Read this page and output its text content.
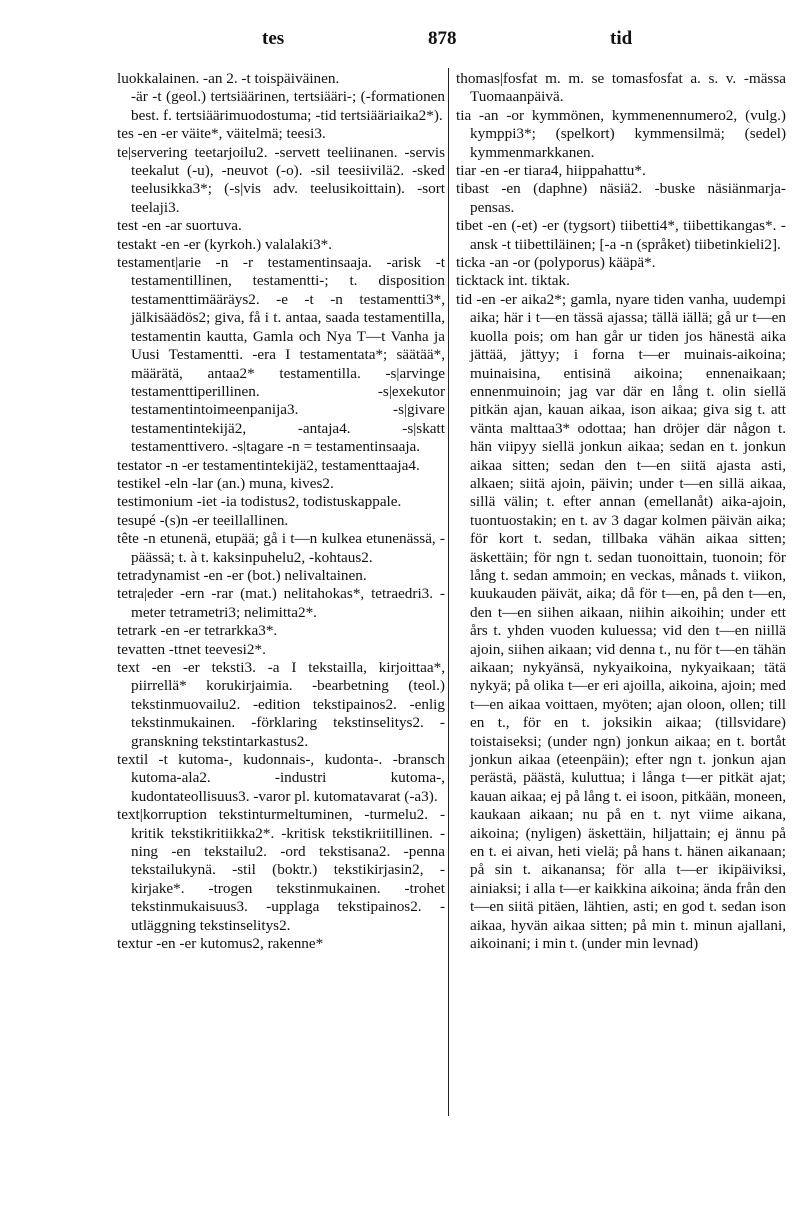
tes	878	tid

luokkalainen. -an 2. -t toispäiväinen.
-är -t (geol.) tertsiäärinen, tertsiääri-; (-formationen best. f. tertsiäärimuodostuma; -tid tertsiääriaika2*).

tes -en -er väite*, väitelmä; teesi3.

te|servering teetarjoilu2. -servett teeliinanen. -servis teekalut (-u), -neuvot (-o). -sil teesiivilä2. -sked teelusikka3*; (-s|vis adv. teelusikoittain). -sort teelaji3.

test -en -ar suortuva.

testakt -en -er (kyrkoh.) valalaki3*.

testament|arie -n -r testamentinsaaja. -arisk -t testamentillinen, testamentti-; t. disposition testamenttimääräys2. -e -t -n testamentti3*, jälkisäädös2; giva, få i t. antaa, saada testamentilla, testamentin kautta, Gamla och Nya T—t Vanha ja Uusi Testamentti. -era I testamentata*; säätää*, määrätä, antaa2* testamentilla. -s|arvinge testamenttiperillinen. -s|exekutor testamentintoimeenpanija3. -s|givare testamentintekijä2, -antaja4. -s|skatt testamenttivero. -s|tagare -n = testamentinsaaja.

testator -n -er testamentintekijä2, testamenttaaja4.

testikel -eln -lar (an.) muna, kives2.

testimonium -iet -ia todistus2, todistuskappale.

tesupé -(s)n -er teeillallinen.

tête -n etunenä, etupää; gå i t—n kulkea etunenässä, -päässä; t. à t. kaksinpuhelu2, -kohtaus2.

tetradynamist -en -er (bot.) nelivaltainen.

tetra|eder -ern -rar (mat.) nelitahokas*, tetraedri3. -meter tetrametri3; nelimitta2*.

tetrark -en -er tetrarkka3*.

tevatten -ttnet teevesi2*.

text -en -er teksti3. -a I tekstailla, kirjoittaa*, piirrellä* korukirjaimia. -bearbetning (teol.) tekstinmuovailu2. -edition tekstipainos2. -enlig tekstinmukainen. -förklaring tekstinselitys2. -granskning tekstintarkastus2.

textil -t kutoma-, kudonnais-, kudonta-. -bransch kutoma-ala2. -industri kutoma-, kudontateollisuus3. -varor pl. kutomatavarat (-a3).

text|korruption tekstinturmeltuminen, -turmelu2. -kritik tekstikritiikka2*. -kritisk tekstikriitillinen. -ning -en tekstailu2. -ord tekstisana2. -penna tekstailukynä. -stil (boktr.) tekstikirjasin2, -kirjake*. -trogen tekstinmukainen. -trohet tekstinmukaisuus3. -upplaga tekstipainos2. -utläggning tekstinselitys2.

textur -en -er kutomus2, rakenne*

thomas|fosfat m. m. se tomasfosfat a. s. v. -mässa Tuomaanpäivä.

tia -an -or kymmönen, kymmenennumero2, (vulg.) kymppi3*; (spelkort) kymmensilmä; (sedel) kymmenmarkkanen.

tiar -en -er tiara4, hiippahattu*.

tibast -en (daphne) näsiä2. -buske näsiänmarja-pensas.

tibet -en (-et) -er (tygsort) tiibetti4*, tiibettikangas*. -ansk -t tiibettiläinen; [-a -n (språket) tiibetinkieli2].

ticka -an -or (polyporus) kääpä*.

ticktack int. tiktak.

tid -en -er aika2*; gamla, nyare tiden vanha, uudempi aika; här i t—en tässä ajassa; tällä iällä; gå ur t—en kuolla pois; om han går ur tiden jos hänestä aika jättää, jättyy; i forna t—er muinais-aikoina; muinaisina, entisinä aikoina; ennenaikaan; ennenmuinoin; jag var där en lång t. olin siellä pitkän ajan, kauan aikaa, ison aikaa; giva sig t. att vänta malttaa3* odottaa; han dröjer där någon t. hän viipyy siellä jonkun aikaa; sedan en t. jonkun aikaa sitten; sedan den t—en siitä ajasta asti, alkaen; siitä ajoin, päivin; under t—en sillä aikaa, sillä välin; t. efter annan (emellanåt) aika-ajoin, tuontuostakin; en t. av 3 dagar kolmen päivän aika; för kort t. sedan, tillbaka vähän aikaa sitten; äskettäin; för ngn t. sedan tuonoittain, tuonoin; för lång t. sedan ammoin; en veckas, månads t. viikon, kuukauden päivät, aika; då för t—en, på den t—en, den t—en siihen aikaan, niihin aikoihin; under ett års t. yhden vuoden kuluessa; vid den t—en niillä ajoin, siihen aikaan; vid denna t., nu för t—en tähän aikaan; nykyänsä, nykyaikoina, nykyaikaan; tätä nykyä; på olika t—er eri ajoilla, aikoina, ajoin; med t—en aikaa voittaen, myöten; ajan oloon, ollen; till en t., för en t. joksikin aikaa; (tillsvidare) toistaiseksi; (under ngn) jonkun aikaa; en t. bortåt jonkun aikaa (eteenpäin); efter ngn t. jonkun ajan perästä, päästä, kuluttua; i långa t—er pitkät ajat; kauan aikaa; ej på lång t. ei isoon, pitkään, moneen, kaukaan aikaan; nu på en t. nyt viime aikana, aikoina; (nyligen) äskettäin, hiljattain; ej ännu på en t. ei aivan, heti vielä; på hans t. hänen aikanaan; på sin t. aikanansa; för alla t—er ikipäiviksi, ainiaksi; i alla t—er kaikkina aikoina; ända från den t—en siitä pitäen, lähtien, asti; en god t. sedan ison aikaa, hyvän aikaa sitten; på min t. minun ajallani, aikoinani; i min t. (under min levnad)
